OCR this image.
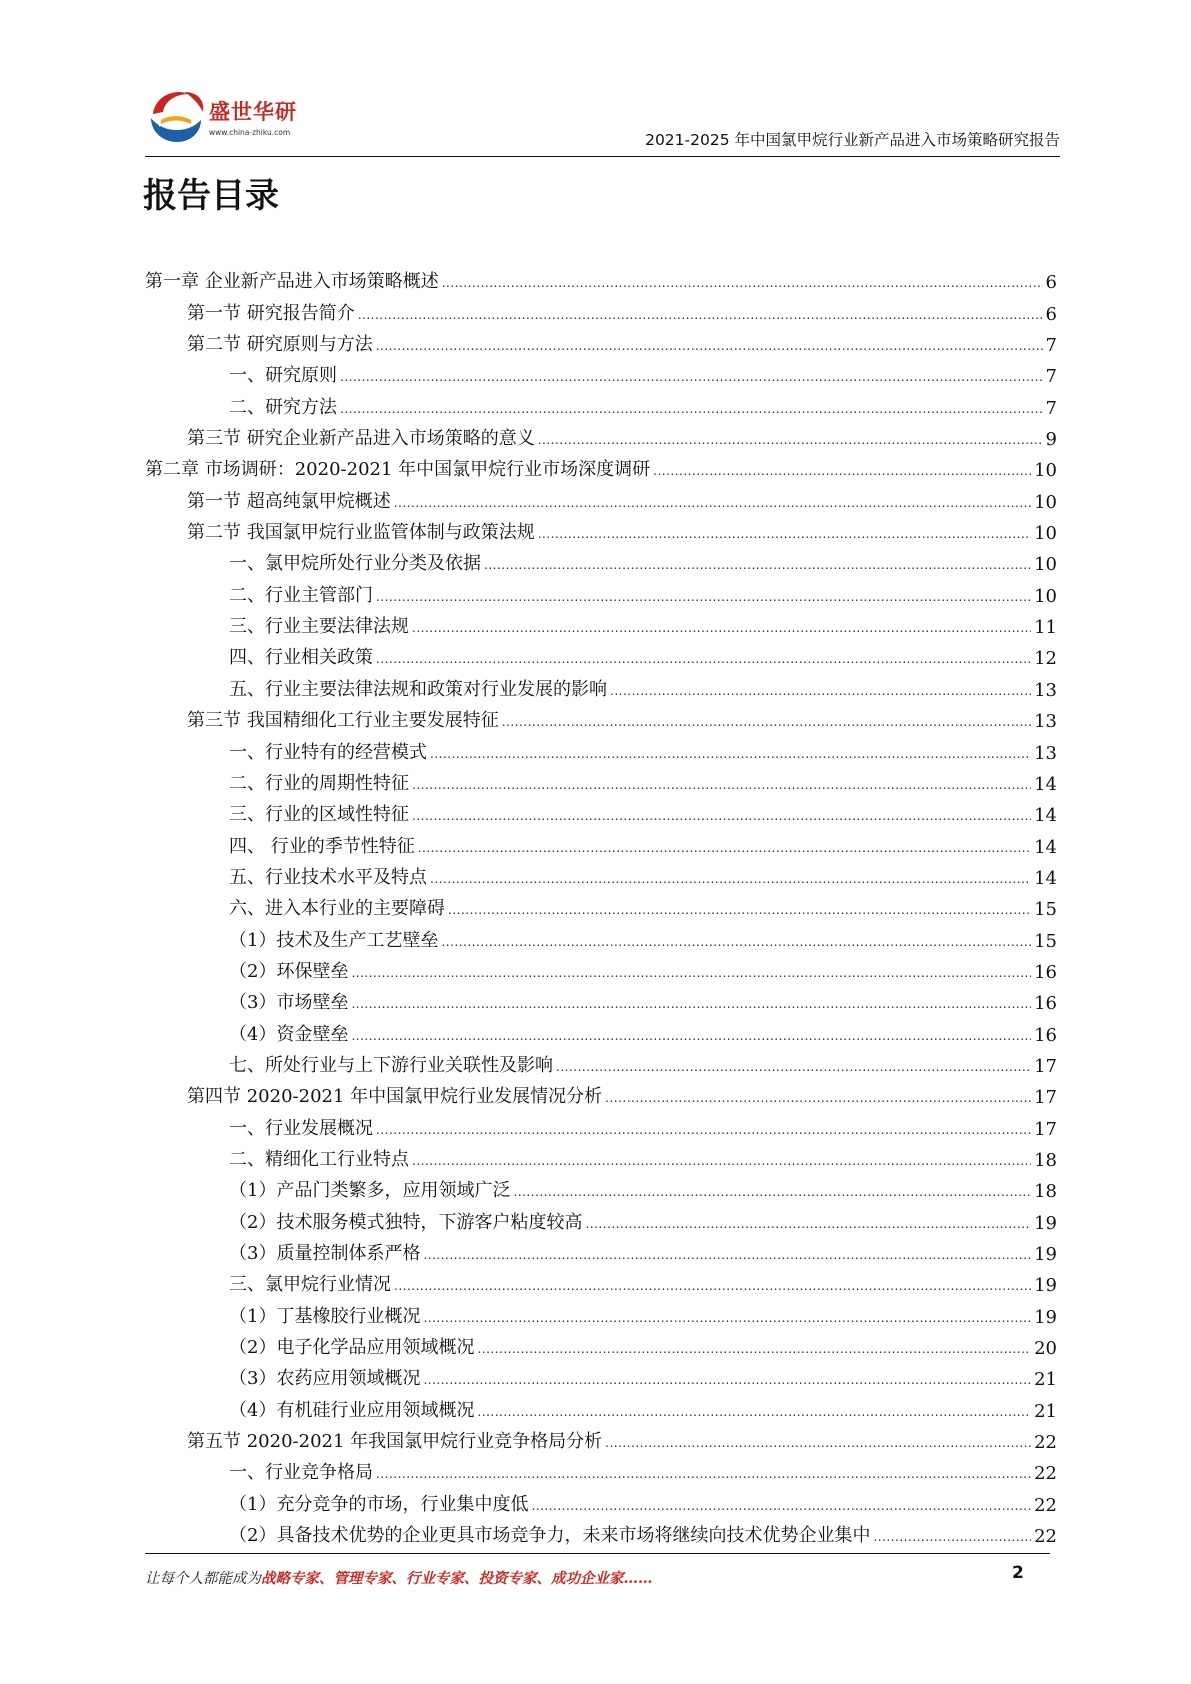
盛世华研
www.china-zhiku.com	2021-2025 年中国氯甲烷行业新产品进入市场策略研究报告
报告目录
第一章 企业新产品进入市场策略概述 .....	6
第一节 研究报告简介 .....	6
第二节 研究原则与方法 .....	7
一、研究原则 .....	7
二、研究方法 .....	7
第三节 研究企业新产品进入市场策略的意义 .....	9
第二章 市场调研：2020-2021 年中国氯甲烷行业市场深度调研 .....	10
第一节 超高纯氯甲烷概述 .....	10
第二节 我国氯甲烷行业监管体制与政策法规 .....	10
一、氯甲烷所处行业分类及依据 .....	10
二、行业主管部门 .....	10
三、行业主要法律法规 .....	11
四、行业相关政策 .....	12
五、行业主要法律法规和政策对行业发展的影响 .....	13
第三节 我国精细化工行业主要发展特征 .....	13
一、行业特有的经营模式 .....	13
二、行业的周期性特征 .....	14
三、行业的区域性特征 .....	14
四、 行业的季节性特征 .....	14
五、行业技术水平及特点 .....	14
六、进入本行业的主要障碍 .....	15
（1）技术及生产工艺壁垒 .....	15
（2）环保壁垒 .....	16
（3）市场壁垒 .....	16
（4）资金壁垒 .....	16
七、所处行业与上下游行业关联性及影响 .....	17
第四节 2020-2021 年中国氯甲烷行业发展情况分析 .....	17
一、行业发展概况 .....	17
二、精细化工行业特点 .....	18
（1）产品门类繁多，应用领域广泛 .....	18
（2）技术服务模式独特，下游客户粘度较高 .....	19
（3）质量控制体系严格 .....	19
三、氯甲烷行业情况 .....	19
（1）丁基橡胶行业概况 .....	19
（2）电子化学品应用领域概况 .....	20
（3）农药应用领域概况 .....	21
（4）有机硅行业应用领域概况 .....	21
第五节 2020-2021 年我国氯甲烷行业竞争格局分析 .....	22
一、行业竞争格局 .....	22
（1）充分竞争的市场，行业集中度低 .....	22
（2）具备技术优势的企业更具市场竞争力，未来市场将继续向技术优势企业集中 .....	22
让每个人都能成为战略专家、管理专家、行业专家、投资专家、成功企业家……	2
